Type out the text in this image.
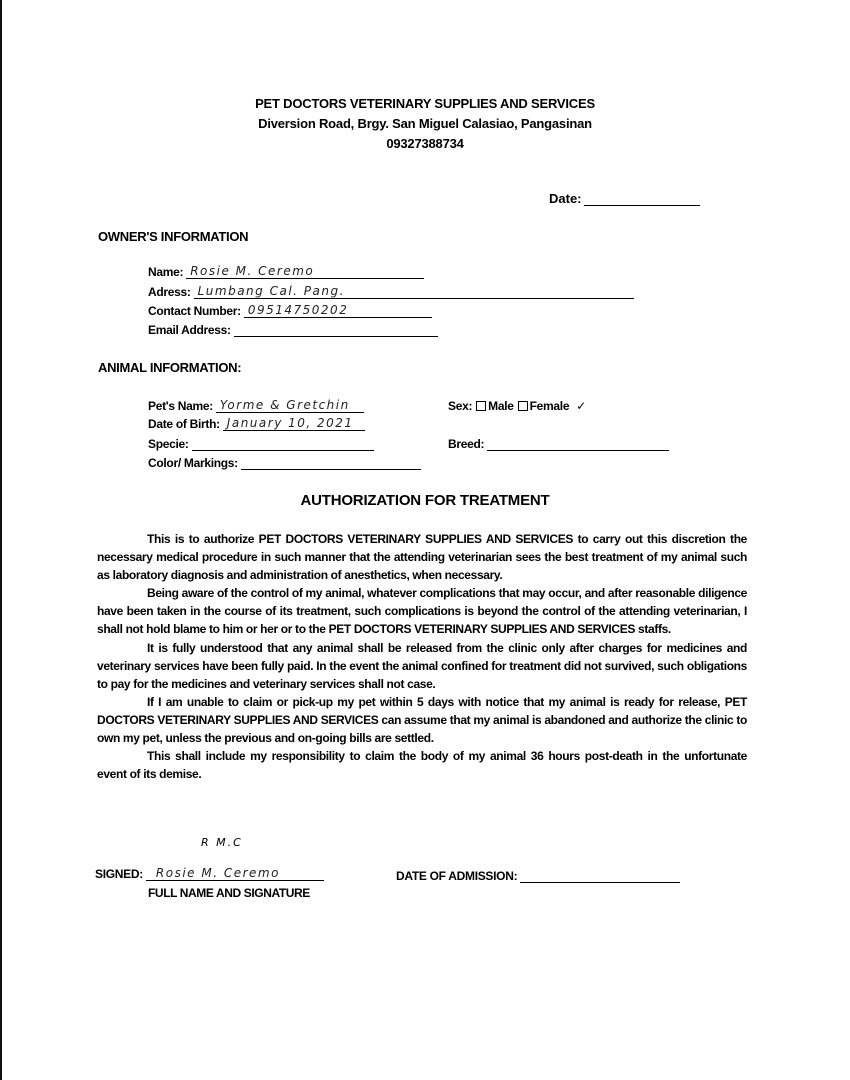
PET DOCTORS VETERINARY SUPPLIES AND SERVICES
Diversion Road, Brgy. San Miguel Calasiao, Pangasinan
09327388734
Date:
OWNER'S INFORMATION
Name: Rosie M. Ceremo
Adress: Lumbang Cal. Pang.
Contact Number: 09514750202
Email Address:
ANIMAL INFORMATION:
Pet's Name: Yorme & Gretchin
Date of Birth: January 10, 2021
Specie:
Color/ Markings:
Sex: Male Female ✓
Breed:
AUTHORIZATION FOR TREATMENT

This is to authorize PET DOCTORS VETERINARY SUPPLIES AND SERVICES to carry out this discretion the necessary medical procedure in such manner that the attending veterinarian sees the best treatment of my animal such as laboratory diagnosis and administration of anesthetics, when necessary.

Being aware of the control of my animal, whatever complications that may occur, and after reasonable diligence have been taken in the course of its treatment, such complications is beyond the control of the attending veterinarian, I shall not hold blame to him or her or to the PET DOCTORS VETERINARY SUPPLIES AND SERVICES staffs.

It is fully understood that any animal shall be released from the clinic only after charges for medicines and veterinary services have been fully paid. In the event the animal confined for treatment did not survived, such obligations to pay for the medicines and veterinary services shall not case.

If I am unable to claim or pick-up my pet within 5 days with notice that my animal is ready for release, PET DOCTORS VETERINARY SUPPLIES AND SERVICES can assume that my animal is abandoned and authorize the clinic to own my pet, unless the previous and on-going bills are settled.

This shall include my responsibility to claim the body of my animal 36 hours post-death in the unfortunate event of its demise.

R M.C
SIGNED: Rosie M. Ceremo
FULL NAME AND SIGNATURE
DATE OF ADMISSION:
